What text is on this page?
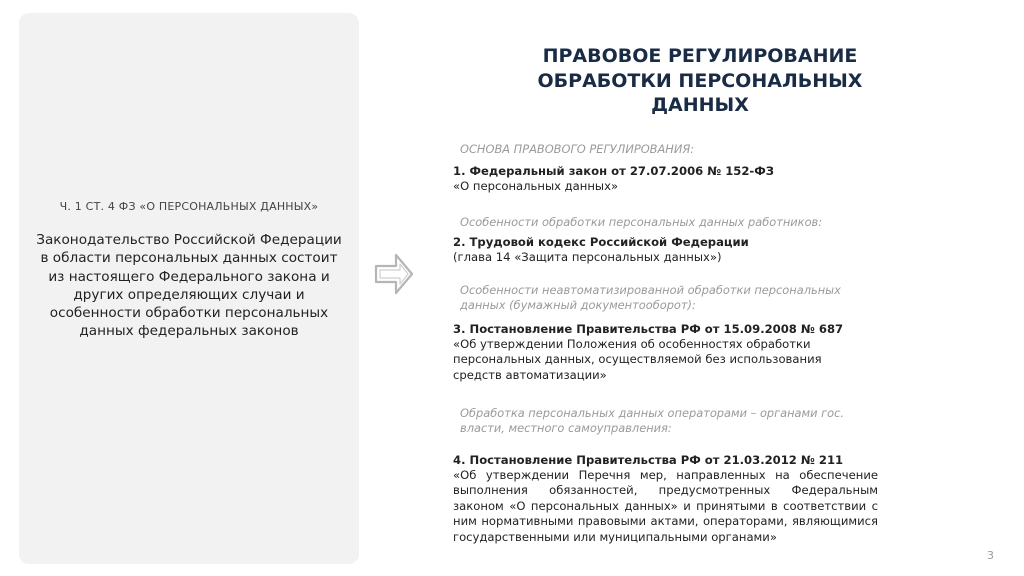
Ч. 1 СТ. 4 ФЗ «О ПЕРСОНАЛЬНЫХ ДАННЫХ»
Законодательство Российской Федерации в области персональных данных состоит из настоящего Федерального закона и других определяющих случаи и особенности обработки персональных данных федеральных законов
ПРАВОВОЕ РЕГУЛИРОВАНИЕ ОБРАБОТКИ ПЕРСОНАЛЬНЫХ ДАННЫХ
ОСНОВА ПРАВОВОГО РЕГУЛИРОВАНИЯ:
1. Федеральный закон от 27.07.2006 № 152-ФЗ
«О персональных данных»
Особенности обработки персональных данных работников:
2. Трудовой кодекс Российской Федерации
(глава 14 «Защита персональных данных»)
Особенности неавтоматизированной обработки персональных данных (бумажный документооборот):
3. Постановление Правительства РФ от 15.09.2008 № 687
«Об утверждении Положения об особенностях обработки персональных данных, осуществляемой без использования средств автоматизации»
Обработка персональных данных операторами – органами гос. власти, местного самоуправления:
4. Постановление Правительства РФ от 21.03.2012 № 211
«Об утверждении Перечня мер, направленных на обеспечение выполнения обязанностей, предусмотренных Федеральным законом «О персональных данных» и принятыми в соответствии с ним нормативными правовыми актами, операторами, являющимися государственными или муниципальными органами»
3
